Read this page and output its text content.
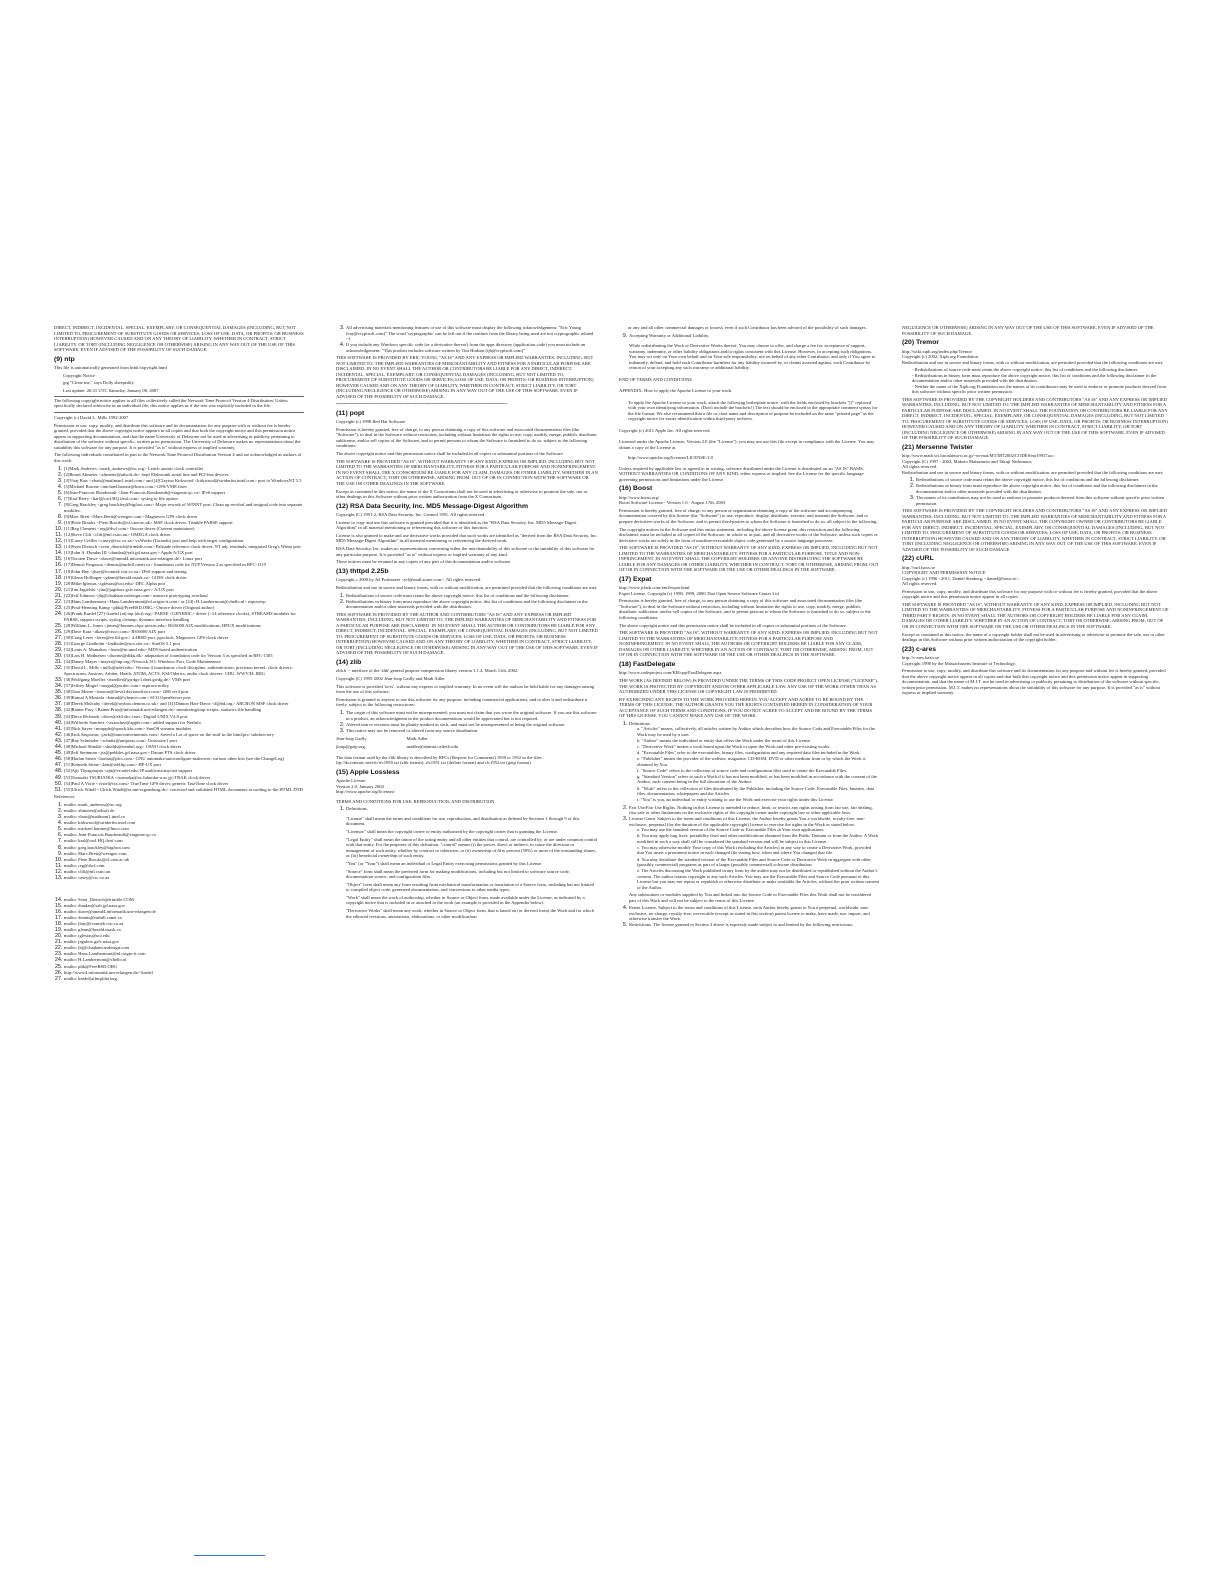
DIRECT, INDIRECT, INCIDENTAL, SPECIAL, EXEMPLARY, OR CONSEQUENTIAL DAMAGES (INCLUDING, BUT NOT LIMITED TO, PROCUREMENT OF SUBSTITUTE GOODS OR SERVICES; LOSS OF USE, DATA, OR PROFITS; OR BUSINESS INTERRUPTION) HOWEVER CAUSED AND ON ANY THEORY OF LIABILITY, WHETHER IN CONTRACT, STRICT LIABILITY, OR TORT (INCLUDING NEGLIGENCE OR OTHERWISE) ARISING IN ANY WAY OUT OF THE USE OF THIS SOFTWARE, EVEN IF ADVISED OF THE POSSIBILITY OF SUCH DAMAGE.

(9) ntp

This file is automatically generated from html/copyright.html

Copyright Notice

jpg "Clone me," says Dolly sheepishly

Last update: 20:31 UTC Saturday, January 06, 2007

The following copyright notice applies to all files collectively called the Network Time Protocol Version 4 Distribution. Unless specifically declared otherwise in an individual file, this notice applies as if the text was explicitly included in the file.

Copyright (c) David L. Mills 1992-2007

Permission to use, copy, modify, and distribute this software and its documentation for any purpose with or without fee is hereby granted, provided that the above copyright notice appears in all copies and that both the copyright notice and this permission notice appear in supporting documentation, and that the name University of Delaware not be used in advertising or publicity pertaining to distribution of the software without specific, written prior permission. The University of Delaware makes no representations about the suitability this software for any purpose. It is provided "as is" without express or implied warranty.

The following individuals contributed in part to the Network Time Protocol Distribution Version 4 and are acknowledged as authors of this work.

1. [1]Mark Andrews <mark_andrews@isc.org> Leitch atomic clock controller
2. [2]Bernd Altmeier <altmeier@atlsoft.de> hopf Elektronik serial line and PCI-bus devices
3. [3]Viraj Bais <vbais@mailman1.intel.com> and [4]Clayton Kirkwood <kirkwood@striderfm.intel.com> port to WindowsNT 3.5
4. [5]Michael Barone <michael.barone@lmco.com> GPS/VME fixes
5. [6]Jean-Francois Boudreault <Jean-Francois.Boudreault@viagenie.qc.ca> IPv6 support
6. [7]Karl Berry <karl@owl.HQ.ileaf.com> syslog to file option
7. [8]Greg Brackley <greg.brackley@bigfoot.com> Major rework of WINNT port. Clean up recvbuf and iosignal code into separate modules.
8. [9]Marc Brett <Marc.Brett@westgeo.com> Magnavox GPS clock driver
9. [10]Piete Brooks <Piete.Brooks@cl.cam.ac.uk> MSF clock driver, Trimble PARSE support
10. [11]Reg Clemens <reg@dwf.com> Oncore driver (Current maintainer)
11. [12]Steve Clift <clift@ml.csiro.au> OMEGA clock driver
12. [13]Casey Crellin <casey@csc.co.za> vxWorks (Tornado) port and help with target configuration
13. [14]Sven Dietrich <sven_dietrich@trimble.com> Palisade reference clock driver, NT adj. residuals, integrated Greg's Winnt port.
14. [15]John A. Dundas III <dundas@salt.jpl.nasa.gov> Apple A/UX port
15. [16]Torsten Duwe <duwe@immd4.informatik.uni-erlangen.de> Linux port
16. [17]Dennis Ferguson <dennis@mrbill.canet.ca> foundation code for NTP Version 2 as specified in RFC-1119
17. [18]John Hay <jhay@icomtek.csir.co.za> IPv6 support and testing
18. [19]Glenn Hollinger <glenn@herald.usask.ca> GOES clock driver
19. [20]Mike Iglesias <iglesias@uci.edu> DEC Alpha port
20. [21]Jim Jagielski <jim@jagubox.gsfc.nasa.gov> A/UX port
21. [22]Jeff Johnson <jbj@chatham.usdesign.com> massive prototyping overhaul
22. [23]Hans Lambermont <Hans.Lambermont@nl.origin-it.com> or [24]<H.Lambermont@chello.nl> ntpsweep
23. [25]Poul-Henning Kamp <phk@FreeBSD.ORG> Oncore driver (Original author)
24. [26]Frank Kardel [27]<kardel (at) ntp (dot) org> PARSE <GENERIC> driver (>14 reference clocks), STREAMS modules for PARSE, support scripts, syslog cleanup, dynamic interface handling
25. [28]William L. Jones <jones@hermes.chpc.utexas.edu> RS/6000 AIX modifications, HPUX modifications
26. [29]Dave Katz <dkatz@cisco.com> RS/6000 AIX port
27. [30]Craig Leres <leres@ee.lbl.gov> 4.4BSD port, ppsclock, Magnavox GPS clock driver
28. [31]George Lindholm <lindholm@ucs.ubc.ca> SunOS 5.1 port
29. [32]Louis A. Mamakos <louie@ni.umd.edu> MD5-based authentication
30. [33]Lars H. Mathiesen <thorinn@diku.dk> adaptation of foundation code for Version 3 as specified in RFC-1305
31. [34]Danny Mayer <mayer@ntp.org>Network I/O, Windows Port, Code Maintenance
32. [35]David L. Mills <mills@udel.edu> Version 4 foundation: clock discipline, authentication, precision kernel; clock drivers: Spectracom, Austron, Arbiter, Heath, ATOM, ACTS, KSI/Odetics; audio clock drivers: CHU, WWV/H, IRIG
33. [36]Wolfgang Moeller <moeller@gwdgv1.dnet.gwdg.de> VMS port
34. [37]Jeffrey Mogul <mogul@pa.dec.com> ntptrace utility
35. [38]Tom Moore <tmoore@fievel.daytonoh.ncr.com> i386 svr4 port
36. [39]Kamal A Mostafa <kamal@whence.com> SCO OpenServer port
37. [40]Derek Mulcahy <derek@toybox.demon.co.uk> and [41]Damon Hart-Davis <d@hd.org> ARCRON MSF clock driver
38. [42]Rainer Pruy <Rainer.Pruy@informatik.uni-erlangen.de> monitoring/trap scripts, statistics file handling
39. [43]Dirce Richards <dirce@zk3.dec.com> Digital UNIX V4.0 port
40. [44]Wilfredo Sanchez <wsanchez@apple.com> added support for NetInfo
41. [45]Nick Sayer <mrapple@quack.kfu.com> SunOS streams modules
42. [46]Jack Sasportas <jack@innovativeinternet.com> Saved a Lot of space on the stuff in the html/pic/ subdirectory
43. [47]Ray Schnitzler <schnitz@unipress.com> Unixware1 port
44. [48]Michael Shields <shields@tembel.org> USNO clock driver
45. [49]Jeff Steinman <jss@pebbles.jpl.nasa.gov> Datum PTS clock driver
46. [50]Harlan Stenn <harlan@pfcs.com> GNU automake/autoconfigure makeover, various other bits (see the ChangeLog)
47. [51]Kenneth Stone <ken@sdd.hp.com> HP-UX port
48. [52]Ajit Thyagarajan <ajit@ee.udel.edu>IP multicast/anycast support
49. [53]Tomoaki TSURUOKA <tsuruoka@nc.fukuoka-u.ac.jp>TRAK clock driver
50. [54]Paul A Vixie <vixie@vix.com> TrueTime GPS driver, generic TrueTime clock driver
51. [55]Ulrich Windl <Ulrich.Windl@rz.uni-regensburg.de> corrected and validated HTML documents according to the HTML DTD

References

1. mailto: mark_andrews@isc.org
2. mailto: altmeier@atlsoft.de
3. mailto: vbais@mailman1.intel.co
4. mailto: kirkwood@striderfm.intel.com
5. mailto: michael.barone@lmco.com
6. mailto: Jean-Francois.Boudreault@viagenie.qc.ca
7. mailto: karl@owl.HQ.ileaf.com
8. mailto: greg.brackley@bigfoot.com
9. mailto: Marc.Brett@westgeo.com
10. mailto: Piete.Brooks@cl.cam.ac.uk
11. mailto: reg@dwf.com
12. mailto: clift@ml.csiro.au
13. mailto: casey@csc.co.za
14. mailto: Sven_Dietrich@trimble.COM
15. mailto: dundas@salt.jpl.nasa.gov
16. mailto: duwe@immd4.informatik.uni-erlangen.de
17. mailto: dennis@mrbill.canet.ca
18. mailto: jhay@icomtek.csir.co.za
19. mailto: glenn@herald.usask.ca
20. mailto: iglesias@uci.edu
21. mailto: jagubox.gsfc.nasa.gov
22. mailto: jbj@chatham.usdesign.com
23. mailto: Hans.Lambermont@nl.origin-it.com
24. mailto: H.Lambermont@chello.nl
25. mailto: phk@FreeBSD.ORG
26. http://www4.informatik.uni-erlangen.de/~kardel
27. mailto: kardel(at)ntp(dot)org
3. All advertising materials mentioning features or use of this software must display the following acknowledgement: "Eric Young (eay@cryptsoft.com)" The word 'cryptographic' can be left out if the routines from the library being used are not cryptographic related :-).
4. If you include any Windows specific code (or a derivative thereof) from the apps directory (application code) you must include an acknowledgement: "This product includes software written by Tim Hudson (tjh@cryptsoft.com)"

THIS SOFTWARE IS PROVIDED BY ERIC YOUNG "AS IS" AND ANY EXPRESS OR IMPLIED WARRANTIES, INCLUDING, BUT NOT LIMITED TO, THE IMPLIED WARRANTIES OF MERCHANTABILITY AND FITNESS FOR A PARTICULAR PURPOSE ARE DISCLAIMED. IN NO EVENT SHALL THE AUTHOR OR CONTRIBUTORS BE LIABLE FOR ANY DIRECT, INDIRECT, INCIDENTAL, SPECIAL, EXEMPLARY, OR CONSEQUENTIAL DAMAGES (INCLUDING, BUT NOT LIMITED TO, PROCUREMENT OF SUBSTITUTE GOODS OR SERVICES; LOSS OF USE, DATA, OR PROFITS; OR BUSINESS INTERRUPTION) HOWEVER CAUSED AND ON ANY THEORY OF LIABILITY, WHETHER IN CONTRACT, STRICT LIABILITY, OR TORT (INCLUDING NEGLIGENCE OR OTHERWISE) ARISING IN ANY WAY OUT OF THE USE OF THIS SOFTWARE, EVEN IF ADVISED OF THE POSSIBILITY OF SUCH DAMAGE.

==================================================================

(11) popt

Copyright (c) 1998 Red Hat Software

Permission is hereby granted, free of charge, to any person obtaining a copy of this software and associated documentation files (the "Software"), to deal in the Software without restriction, including without limitation the rights to use, copy, modify, merge, publish, distribute, sublicense, and/or sell copies of the Software, and to permit persons to whom the Software is furnished to do so, subject to the following conditions:

The above copyright notice and this permission notice shall be included in all copies or substantial portions of the Software.

THE SOFTWARE IS PROVIDED "AS IS", WITHOUT WARRANTY OF ANY KIND, EXPRESS OR IMPLIED, INCLUDING BUT NOT LIMITED TO THE WARRANTIES OF MERCHANTABILITY, FITNESS FOR A PARTICULAR PURPOSE AND NONINFRINGEMENT. IN NO EVENT SHALL THE X CONSORTIUM BE LIABLE FOR ANY CLAIM, DAMAGES OR OTHER LIABILITY, WHETHER IN AN ACTION OF CONTRACT, TORT OR OTHERWISE, ARISING FROM, OUT OF OR IN CONNECTION WITH THE SOFTWARE OR THE USE OR OTHER DEALINGS IN THE SOFTWARE.

Except as contained in this notice, the name of the X Consortium shall not be used in advertising or otherwise to promote the sale, use or other dealings in this Software without prior written authorization from the X Consortium.

(12) RSA Data Security, Inc. MD5 Message-Digest Algorithm

Copyright (C) 1991-2, RSA Data Security, Inc. Created 1991. All rights reserved.

License to copy and use this software is granted provided that it is identified as the "RSA Data Security, Inc. MD5 Message-Digest Algorithm" in all material mentioning or referencing this software or this function.

License is also granted to make and use derivative works provided that such works are identified as "derived from the RSA Data Security, Inc. MD5 Message-Digest Algorithm" in all material mentioning or referencing the derived work.

RSA Data Security, Inc. makes no representations concerning either the merchantability of this software or the suitability of this software for any particular purpose. It is provided "as is" without express or implied warranty of any kind.

These notices must be retained in any copies of any part of this documentation and/or software.

(13) thttpd 2.25b

Copyright c 2000 by Jef Poskanzer <jef@mail.acme.com>. All rights reserved.

Redistribution and use in source and binary forms, with or without modification, are permitted provided that the following conditions are met:

1. Redistributions of source code must retain the above copyright notice, this list of conditions and the following disclaimer.
2. Redistributions in binary form must reproduce the above copyright notice, this list of conditions and the following disclaimer in the documentation and/or other materials provided with the distribution.

THIS SOFTWARE IS PROVIDED BY THE AUTHOR AND CONTRIBUTORS "AS IS" AND ANY EXPRESS OR IMPLIED WARRANTIES, INCLUDING, BUT NOT LIMITED TO, THE IMPLIED WARRANTIES OF MERCHANTABILITY AND FITNESS FOR A PARTICULAR PURPOSE ARE DISCLAIMED. IN NO EVENT SHALL THE AUTHOR OR CONTRIBUTORS BE LIABLE FOR ANY DIRECT, INDIRECT, INCIDENTAL, SPECIAL, EXEMPLARY, OR CONSEQUENTIAL DAMAGES (INCLUDING, BUT NOT LIMITED TO, PROCUREMENT OF SUBSTITUTE GOODS OR SERVICES; LOSS OF USE, DATA, OR PROFITS; OR BUSINESS INTERRUPTION) HOWEVER CAUSED AND ON ANY THEORY OF LIABILITY, WHETHER IN CONTRACT, STRICT LIABILITY, OR TORT (INCLUDING NEGLIGENCE OR OTHERWISE) ARISING IN ANY WAY OUT OF THE USE OF THIS SOFTWARE, EVEN IF ADVISED OF THE POSSIBILITY OF SUCH DAMAGE.

(14) zlib

zlib.h -- interface of the 'zlib' general purpose compression library version 1.1.4, March 11th, 2002

Copyright (C) 1995-2002 Jean-loup Gailly and Mark Adler

This software is provided 'as-is', without any express or implied warranty. In no event will the authors be held liable for any damages arising from the use of this software.

Permission is granted to anyone to use this software for any purpose, including commercial applications, and to alter it and redistribute it freely, subject to the following restrictions:

1. The origin of this software must not be misrepresented; you must not claim that you wrote the original software. If you use this software in a product, an acknowledgment in the product documentation would be appreciated but is not required.
2. Altered source versions must be plainly marked as such, and must not be misrepresented as being the original software.
3. This notice may not be removed or altered from any source distribution.

Jean-loup Gailly

jloup@gzip.org

Mark Adler

madler@alumni.caltech.edu

The data format used by the zlib library is described by RFCs (Request for Comments) 1950 to 1952 in the files ftp://ds.internic.net/rfc/rfc1950.txt (zlib format), rfc1951.txt (deflate format) and rfc1952.txt (gzip format).

(15) Apple Lossless

Apache License

Version 2.0, January 2004

http://www.apache.org/licenses/

TERMS AND CONDITIONS FOR USE, REPRODUCTION, AND DISTRIBUTION

1. Definitions.

"License" shall mean the terms and conditions for use, reproduction, and distribution as defined by Sections 1 through 9 of this document.

"Licensor" shall mean the copyright owner or entity authorized by the copyright owner that is granting the License.

"Legal Entity" shall mean the union of the acting entity and all other entities that control, are controlled by, or are under common control with that entity. For the purposes of this definition, "control" means (i) the power, direct or indirect, to cause the direction or management of such entity, whether by contract or otherwise, or (ii) ownership of fifty percent (50%) or more of the outstanding shares, or (iii) beneficial ownership of such entity.

"You" (or "Your") shall mean an individual or Legal Entity exercising permissions granted by this License.

"Source" form shall mean the preferred form for making modifications, including but not limited to software source code, documentation source, and configuration files.

"Object" form shall mean any form resulting from mechanical transformation or translation of a Source form, including but not limited to compiled object code, generated documentation, and conversions to other media types.

"Work" shall mean the work of authorship, whether in Source or Object form, made available under the License, as indicated by a copyright notice that is included in or attached to the work (an example is provided in the Appendix below).

"Derivative Works" shall mean any work, whether in Source or Object form, that is based on (or derived from) the Work and for which the editorial revisions, annotations, elaborations, or other modifications

or any and all other commercial damages or losses), even if such Contributor has been advised of the possibility of such damages.

9. Accepting Warranty or Additional Liability.

While redistributing the Work or Derivative Works thereof, You may choose to offer, and charge a fee for, acceptance of support, warranty, indemnity, or other liability obligations and/or rights consistent with this License. However, in accepting such obligations, You may act only on Your own behalf and on Your sole responsibility, not on behalf of any other Contributor, and only if You agree to indemnify, defend, and hold each Contributor harmless for any liability incurred by, or claims asserted against, such Contributor by reason of your accepting any such warranty or additional liability.

END OF TERMS AND CONDITIONS

APPENDIX: How to apply the Apache License to your work.

To apply the Apache License to your work, attach the following boilerplate notice, with the fields enclosed by brackets "[]" replaced with your own identifying information. (Don't include the brackets!) The text should be enclosed in the appropriate comment syntax for the file format. We also recommend that a file or class name and description of purpose be included on the same "printed page" as the copyright notice for easier identification within third-party archives.

Copyright (c) 2011 Apple Inc. All rights reserved.

Licensed under the Apache License, Version 2.0 (the "License"); you may not use this file except in compliance with the License. You may obtain a copy of the License at

http://www.apache.org/licenses/LICENSE-2.0

Unless required by applicable law or agreed to in writing, software distributed under the License is distributed on an "AS IS" BASIS, WITHOUT WARRANTIES OR CONDITIONS OF ANY KIND, either express or implied. See the License for the specific language governing permissions and limitations under the License.

(16) Boost

http://www.boost.org/

Boost Software License - Version 1.0 - August 17th, 2003

Permission is hereby granted, free of charge, to any person or organization obtaining a copy of the software and accompanying documentation covered by this license (the "Software") to use, reproduce, display, distribute, execute, and transmit the Software, and to prepare derivative works of the Software, and to permit third-parties to whom the Software is furnished to do so, all subject to the following:

The copyright notices in the Software and this entire statement, including the above license grant, this restriction and the following disclaimer, must be included in all copies of the Software, in whole or in part, and all derivative works of the Software, unless such copies or derivative works are solely in the form of machine-executable object code generated by a source language processor.

THE SOFTWARE IS PROVIDED "AS IS", WITHOUT WARRANTY OF ANY KIND, EXPRESS OR IMPLIED, INCLUDING BUT NOT LIMITED TO THE WARRANTIES OF MERCHANTABILITY, FITNESS FOR A PARTICULAR PURPOSE, TITLE AND NON-INFRINGEMENT. IN NO EVENT SHALL THE COPYRIGHT HOLDERS OR ANYONE DISTRIBUTING THE SOFTWARE BE LIABLE FOR ANY DAMAGES OR OTHER LIABILITY, WHETHER IN CONTRACT, TORT OR OTHERWISE, ARISING FROM, OUT OF OR IN CONNECTION WITH THE SOFTWARE OR THE USE OR OTHER DEALINGS IN THE SOFTWARE.

(17) Expat

http://www.jclark.com/xml/expat.html

Expat License. Copyright (c) 1998, 1999, 2000 Thai Open Source Software Center Ltd

Permission is hereby granted, free of charge, to any person obtaining a copy of this software and associated documentation files (the "Software"), to deal in the Software without restriction, including without limitation the rights to use, copy, modify, merge, publish, distribute, sublicense, and/or sell copies of the Software, and to permit persons to whom the Software is furnished to do so, subject to the following conditions:

The above copyright notice and this permission notice shall be included in all copies or substantial portions of the Software.

THE SOFTWARE IS PROVIDED "AS IS", WITHOUT WARRANTY OF ANY KIND, EXPRESS OR IMPLIED, INCLUDING BUT NOT LIMITED TO THE WARRANTIES OF MERCHANTABILITY, FITNESS FOR A PARTICULAR PURPOSE AND NONINFRINGEMENT. IN NO EVENT SHALL THE AUTHORS OR COPYRIGHT HOLDERS BE LIABLE FOR ANY CLAIM, DAMAGES OR OTHER LIABILITY, WHETHER IN AN ACTION OF CONTRACT, TORT OR OTHERWISE, ARISING FROM, OUT OF OR IN CONNECTION WITH THE SOFTWARE OR THE USE OR OTHER DEALINGS IN THE SOFTWARE.

(18) FastDelegate

http://www.codeproject.com/KB/cpp/FastDelegate.aspx

THE WORK (AS DEFINED BELOW) IS PROVIDED UNDER THE TERMS OF THIS CODE PROJECT OPEN LICENSE ("LICENSE"). THE WORK IS PROTECTED BY COPYRIGHT AND/OR OTHER APPLICABLE LAW. ANY USE OF THE WORK OTHER THAN AS AUTHORIZED UNDER THIS LICENSE OR COPYRIGHT LAW IS PROHIBITED.

BY EXERCISING ANY RIGHTS TO THE WORK PROVIDED HEREIN, YOU ACCEPT AND AGREE TO BE BOUND BY THE TERMS OF THIS LICENSE. THE AUTHOR GRANTS YOU THE RIGHTS CONTAINED HEREIN IN CONSIDERATION OF YOUR ACCEPTANCE OF SUCH TERMS AND CONDITIONS. IF YOU DO NOT AGREE TO ACCEPT AND BE BOUND BY THE TERMS OF THIS LICENSE, YOU CANNOT MAKE ANY USE OF THE WORK.

1. Definitions.
a. "Articles" means, collectively, all articles written by Author which describes how the Source Code and Executable Files for the Work may be used by a user.
b. "Author" means the individual or entity that offers the Work under the terms of this License.
c. "Derivative Work" means a work based upon the Work or upon the Work and other pre-existing works.
d. "Executable Files" refer to the executables, binary files, configuration and any required data files included in the Work.
e. "Publisher" means the provider of the website, magazine, CD-ROM, DVD or other medium from or by which the Work is obtained by You.
f. "Source Code" refers to the collection of source code and configuration files used to create the Executable Files.
g. "Standard Version" refers to such a Work if it has not been modified, or has been modified in accordance with the consent of the Author, such consent being in the full discretion of the Author.
h. "Work" refers to the collection of files distributed by the Publisher, including the Source Code, Executable Files, binaries, data files, documentation, whitepapers and the Articles.
i. "You" is you, an individual or entity wishing to use the Work and exercise your rights under this License.
2. Fair Use/Fair Use Rights. Nothing in this License is intended to reduce, limit, or restrict any rights arising from fair use, fair dealing, first sale or other limitations on the exclusive rights of the copyright owner under copyright law or other applicable laws.
3. License Grant. Subject to the terms and conditions of this License, the Author hereby grants You a worldwide, royalty-free, non-exclusive, perpetual (for the duration of the applicable copyright) license to exercise the rights in the Work as stated below:
a. You may use the standard version of the Source Code or Executable Files in Your own applications.
b. You may apply bug fixes, portability fixes and other modifications obtained from the Public Domain or from the Author. A Work modified in such a way shall still be considered the standard version and will be subject to this License.
c. You may otherwise modify Your copy of this Work (excluding the Articles) in any way to create a Derivative Work, provided that You insert a prominent notice in each changed file stating how, when and where You changed that file.
d. You may distribute the standard version of the Executable Files and Source Code or Derivative Work in aggregate with other (possibly commercial) programs as part of a larger (possibly commercial) software distribution.
e. The Articles discussing the Work published in any form by the author may not be distributed or republished without the Author's consent. The author retains copyright to any such Articles. You may use the Executable Files and Source Code pursuant to this License but you may not repost or republish or otherwise distribute or make available the Articles, without the prior written consent of the Author.

Any subroutines or modules supplied by You and linked into the Source Code or Executable Files this Work shall not be considered part of this Work and will not be subject to the terms of this License.

4. Patent License. Subject to the terms and conditions of this License, each Author hereby grants to You a perpetual, worldwide, non-exclusive, no-charge, royalty-free, irrevocable (except as stated in this section) patent license to make, have made, use, import, and otherwise transfer the Work.
5. Restrictions. The license granted in Section 3 above is expressly made subject to and limited by the following restrictions:

NEGLIGENCE OR OTHERWISE) ARISING IN ANY WAY OUT OF THE USE OF THIS SOFTWARE, EVEN IF ADVISED OF THE POSSIBILITY OF SUCH DAMAGE.

(20) Tremor

http://wiki.xiph.org/index.php/Tremor

Copyright (c) 2002, Xiph.org Foundation

Redistribution and use in source and binary forms, with or without modification, are permitted provided that the following conditions are met:

- Redistributions of source code must retain the above copyright notice, this list of conditions and the following disclaimer.
- Redistributions in binary form must reproduce the above copyright notice, this list of conditions and the following disclaimer in the documentation and/or other materials provided with the distribution.
- Neither the name of the Xiph.org Foundation nor the names of its contributors may be used to endorse or promote products derived from this software without specific prior written permission.

THIS SOFTWARE IS PROVIDED BY THE COPYRIGHT HOLDERS AND CONTRIBUTORS "AS IS" AND ANY EXPRESS OR IMPLIED WARRANTIES, INCLUDING, BUT NOT LIMITED TO, THE IMPLIED WARRANTIES OF MERCHANTABILITY AND FITNESS FOR A PARTICULAR PURPOSE ARE DISCLAIMED. IN NO EVENT SHALL THE FOUNDATION OR CONTRIBUTORS BE LIABLE FOR ANY DIRECT, INDIRECT, INCIDENTAL, SPECIAL, EXEMPLARY, OR CONSEQUENTIAL DAMAGES (INCLUDING, BUT NOT LIMITED TO, PROCUREMENT OF SUBSTITUTE GOODS OR SERVICES; LOSS OF USE, DATA, OR PROFITS; OR BUSINESS INTERRUPTION) HOWEVER CAUSED AND ON ANY THEORY OF LIABILITY, WHETHER IN CONTRACT, STRICT LIABILITY, OR TORT (INCLUDING NEGLIGENCE OR OTHERWISE) ARISING IN ANY WAY OUT OF THE USE OF THIS SOFTWARE, EVEN IF ADVISED OF THE POSSIBILITY OF SUCH DAMAGE.

(21) Mersenne Twister

http://www.math.sci.hiroshima-u.ac.jp/~m-mat/MT/MT2002/CODES/mt19937ar.c

Copyright (C) 1997 - 2002, Makoto Matsumoto and Takuji Nishimura,

All rights reserved.

Redistribution and use in source and binary forms, with or without modification, are permitted provided that the following conditions are met:

1. Redistributions of source code must retain the above copyright notice, this list of conditions and the following disclaimer.
2. Redistributions in binary form must reproduce the above copyright notice, this list of conditions and the following disclaimer in the documentation and/or other materials provided with the distribution.
3. The names of its contributors may not be used to endorse or promote products derived from this software without specific prior written permission.

THIS SOFTWARE IS PROVIDED BY THE COPYRIGHT HOLDERS AND CONTRIBUTORS "AS IS" AND ANY EXPRESS OR IMPLIED WARRANTIES, INCLUDING, BUT NOT LIMITED TO, THE IMPLIED WARRANTIES OF MERCHANTABILITY AND FITNESS FOR A PARTICULAR PURPOSE ARE DISCLAIMED. IN NO EVENT SHALL THE COPYRIGHT OWNER OR CONTRIBUTORS BE LIABLE FOR ANY DIRECT, INDIRECT, INCIDENTAL, SPECIAL, EXEMPLARY, OR CONSEQUENTIAL DAMAGES (INCLUDING, BUT NOT LIMITED TO, PROCUREMENT OF SUBSTITUTE GOODS OR SERVICES; LOSS OF USE, DATA, OR PROFITS; OR BUSINESS INTERRUPTION) HOWEVER CAUSED AND ON ANY THEORY OF LIABILITY, WHETHER IN CONTRACT, STRICT LIABILITY, OR TORT (INCLUDING NEGLIGENCE OR OTHERWISE) ARISING IN ANY WAY OUT OF THE USE OF THIS SOFTWARE, EVEN IF ADVISED OF THE POSSIBILITY OF SUCH DAMAGE.

(22) cURL

http://curl.haxx.se

COPYRIGHT AND PERMISSION NOTICE

Copyright (c) 1996 - 2011, Daniel Stenberg, <daniel@haxx.se>.

All rights reserved.

Permission to use, copy, modify, and distribute this software for any purpose with or without fee is hereby granted, provided that the above copyright notice and this permission notice appear in all copies.

THE SOFTWARE IS PROVIDED "AS IS", WITHOUT WARRANTY OF ANY KIND, EXPRESS OR IMPLIED, INCLUDING BUT NOT LIMITED TO THE WARRANTIES OF MERCHANTABILITY, FITNESS FOR A PARTICULAR PURPOSE AND NONINFRINGEMENT OF THIRD PARTY RIGHTS. IN NO EVENT SHALL THE AUTHORS OR COPYRIGHT HOLDERS BE LIABLE FOR ANY CLAIM, DAMAGES OR OTHER LIABILITY, WHETHER IN AN ACTION OF CONTRACT, TORT OR OTHERWISE, ARISING FROM, OUT OF OR IN CONNECTION WITH THE SOFTWARE OR THE USE OR OTHER DEALINGS IN THE SOFTWARE.

Except as contained in this notice, the name of a copyright holder shall not be used in advertising or otherwise to promote the sale, use or other dealings in this Software without prior written authorization of the copyright holder.

(23) c-ares

http://c-ares.haxx.se

Copyright 1998 by the Massachusetts Institute of Technology.

Permission to use, copy, modify, and distribute this software and its documentation for any purpose and without fee is hereby granted, provided that the above copyright notice appear in all copies and that both that copyright notice and this permission notice appear in supporting documentation, and that the name of M.I.T. not be used in advertising or publicity pertaining to distribution of the software without specific, written prior permission. M.I.T. makes no representations about the suitability of this software for any purpose. It is provided "as is" without express or implied warranty.
